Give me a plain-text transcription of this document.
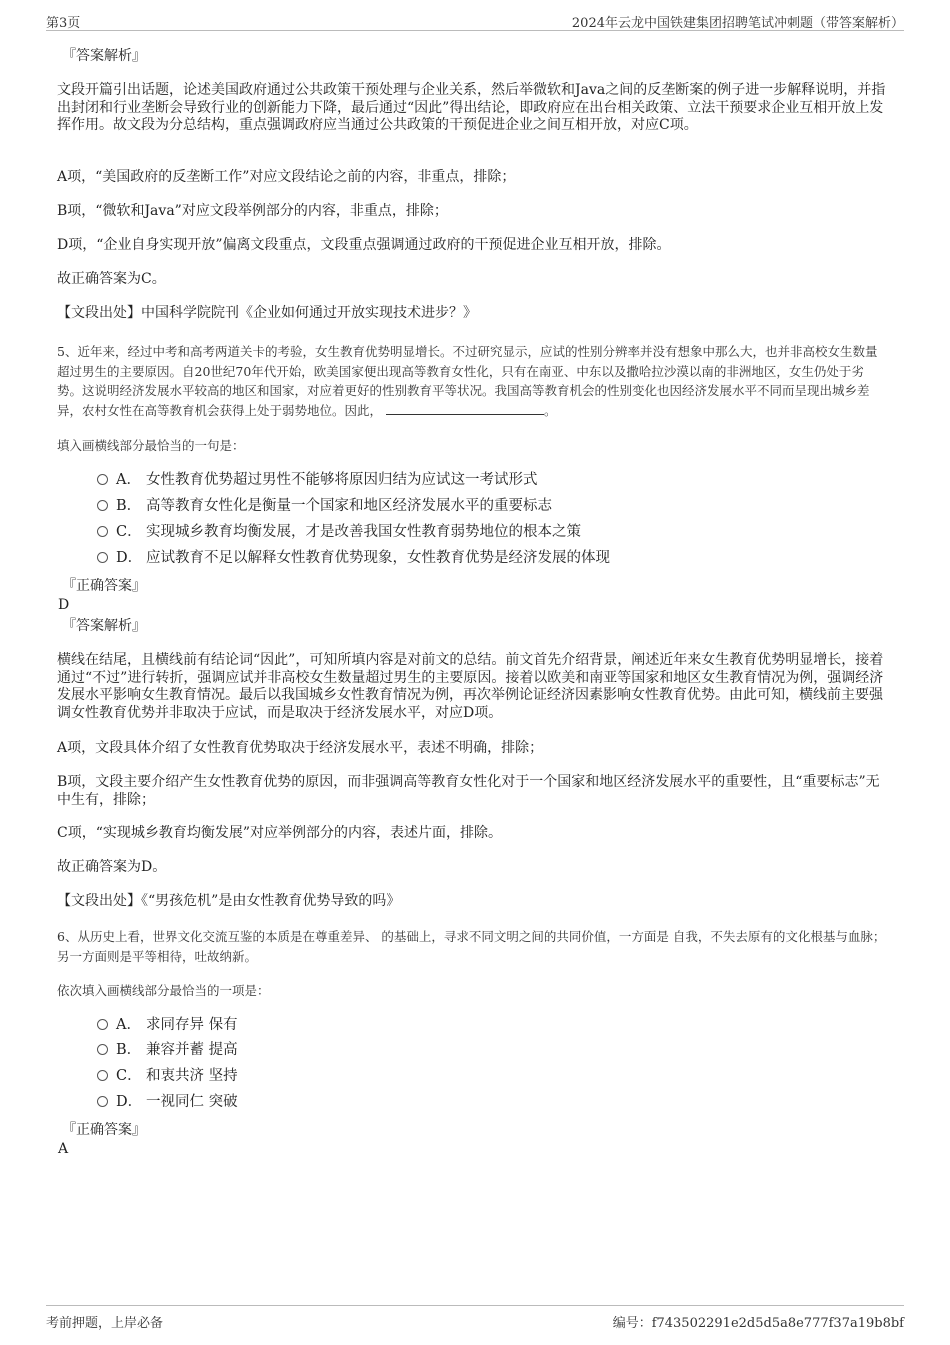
第3页	2024年云龙中国铁建集团招聘笔试冲刺题（带答案解析）

『答案解析』

文段开篇引出话题，论述美国政府通过公共政策干预处理与企业关系，然后举微软和Java之间的反垄断案的例子进一步解释说明，并指出封闭和行业垄断会导致行业的创新能力下降，最后通过“因此”得出结论，即政府应在出台相关政策、立法干预要求企业互相开放上发挥作用。故文段为分总结构，重点强调政府应当通过公共政策的干预促进企业之间互相开放，对应C项。

A项，“美国政府的反垄断工作”对应文段结论之前的内容，非重点，排除；

B项，“微软和Java”对应文段举例部分的内容，非重点，排除；

D项，“企业自身实现开放”偏离文段重点，文段重点强调通过政府的干预促进企业互相开放，排除。

故正确答案为C。

【文段出处】中国科学院院刊《企业如何通过开放实现技术进步？》

5、近年来，经过中考和高考两道关卡的考验，女生教育优势明显增长。不过研究显示，应试的性别分辨率并没有想象中那么大，也并非高校女生数量超过男生的主要原因。自20世纪70年代开始，欧美国家便出现高等教育女性化，只有在南亚、中东以及撒哈拉沙漠以南的非洲地区，女生仍处于劣势。这说明经济发展水平较高的地区和国家，对应着更好的性别教育平等状况。我国高等教育机会的性别变化也因经济发展水平不同而呈现出城乡差异，农村女性在高等教育机会获得上处于弱势地位。因此，	。

填入画横线部分最恰当的一句是：

A． 女性教育优势超过男性不能够将原因归结为应试这一考试形式
B． 高等教育女性化是衡量一个国家和地区经济发展水平的重要标志
C． 实现城乡教育均衡发展，才是改善我国女性教育弱势地位的根本之策
D． 应试教育不足以解释女性教育优势现象，女性教育优势是经济发展的体现

『正确答案』

D

『答案解析』

横线在结尾，且横线前有结论词“因此”，可知所填内容是对前文的总结。前文首先介绍背景，阐述近年来女生教育优势明显增长，接着通过“不过”进行转折，强调应试并非高校女生数量超过男生的主要原因。接着以欧美和南亚等国家和地区女生教育情况为例，强调经济发展水平影响女生教育情况。最后以我国城乡女性教育情况为例，再次举例论证经济因素影响女性教育优势。由此可知，横线前主要强调女性教育优势并非取决于应试，而是取决于经济发展水平，对应D项。

A项，文段具体介绍了女性教育优势取决于经济发展水平，表述不明确，排除；

B项，文段主要介绍产生女性教育优势的原因，而非强调高等教育女性化对于一个国家和地区经济发展水平的重要性，且“重要标志”无中生有，排除；

C项，“实现城乡教育均衡发展”对应举例部分的内容，表述片面，排除。

故正确答案为D。

【文段出处】《“男孩危机”是由女性教育优势导致的吗》

6、从历史上看，世界文化交流互鉴的本质是在尊重差异、 的基础上，寻求不同文明之间的共同价值，一方面是 自我，不失去原有的文化根基与血脉；另一方面则是平等相待，吐故纳新。

依次填入画横线部分最恰当的一项是：

A． 求同存异 保有
B． 兼容并蓄 提高
C． 和衷共济 坚持
D． 一视同仁 突破

『正确答案』

A

考前押题，上岸必备	编号：f743502291e2d5d5a8e777f37a19b8bf
